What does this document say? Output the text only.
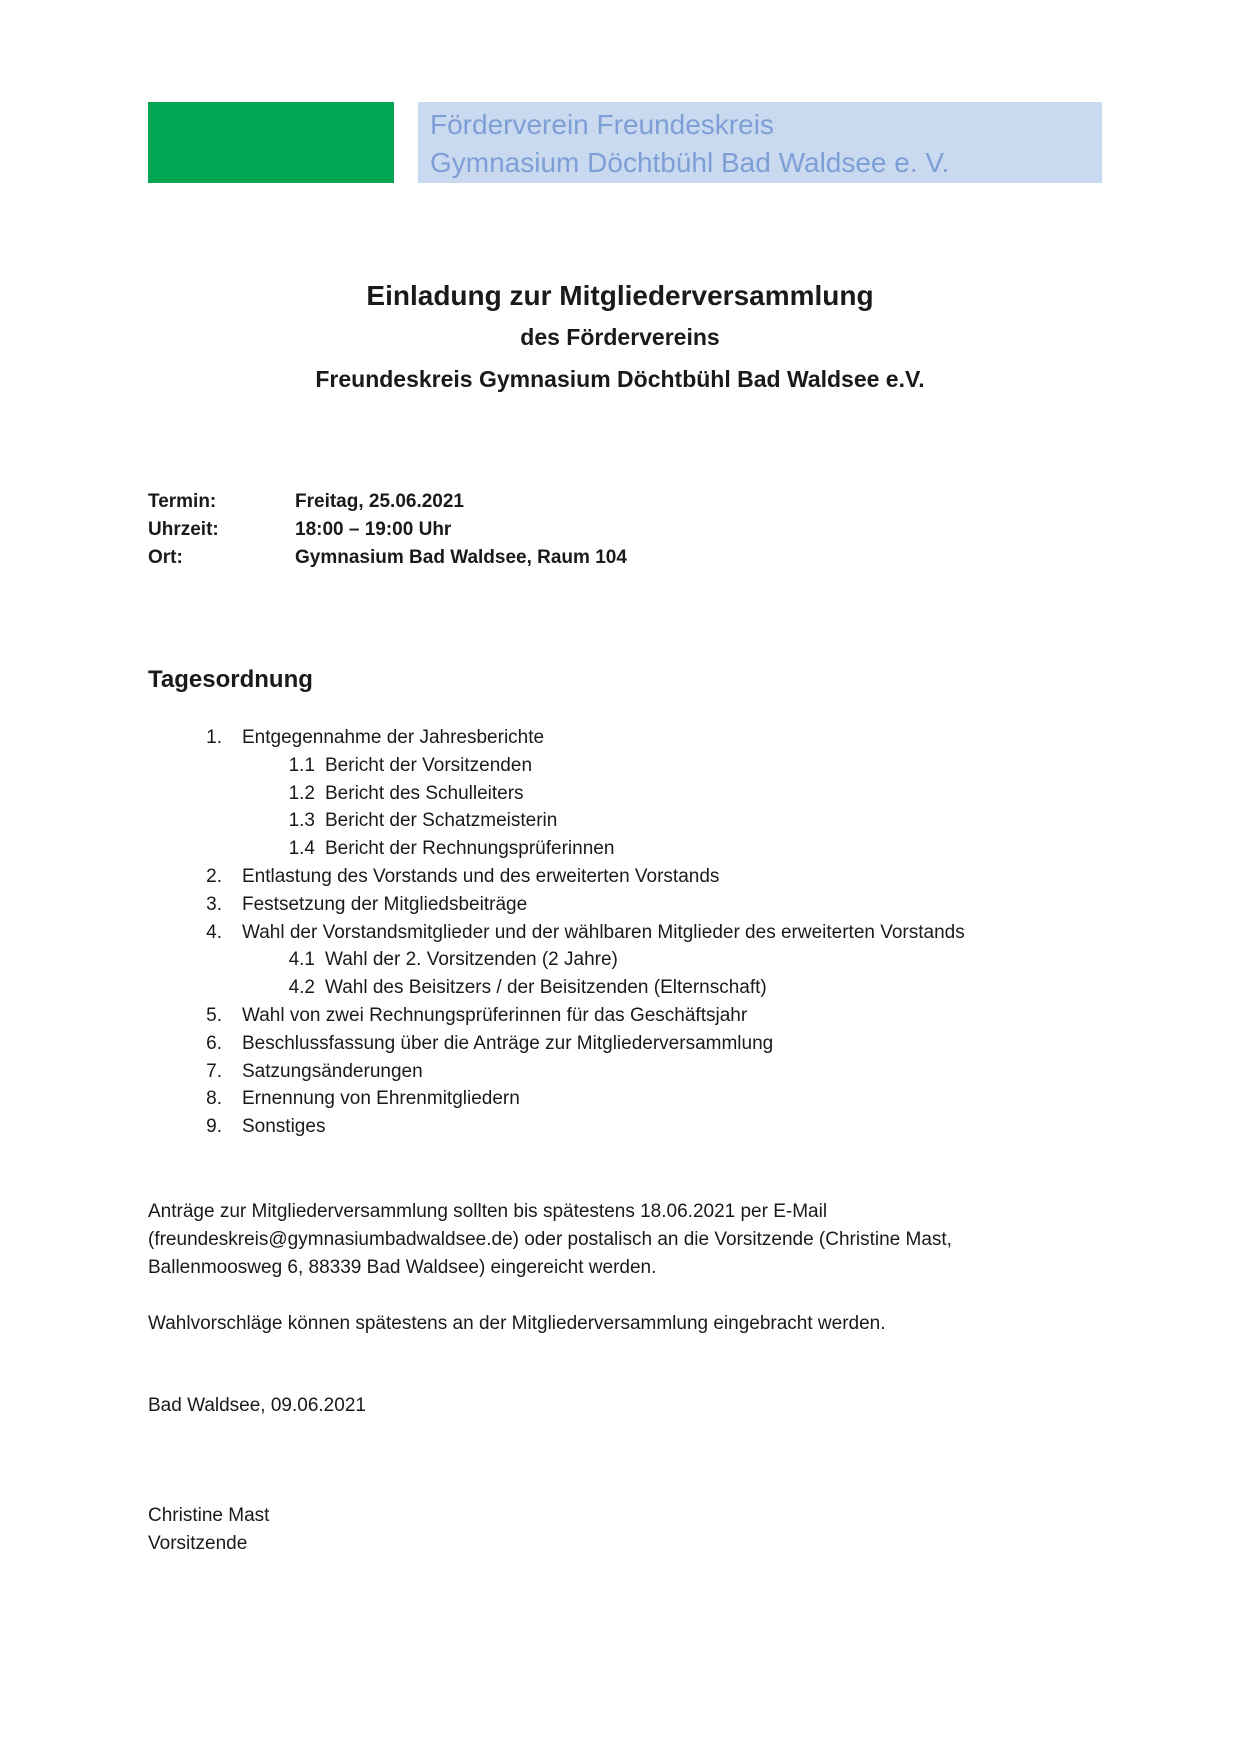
Förderverein Freundeskreis
Gymnasium Döchtbühl Bad Waldsee e. V.
Einladung zur Mitgliederversammlung
des Fördervereins
Freundeskreis Gymnasium Döchtbühl Bad Waldsee e.V.
Termin:	Freitag, 25.06.2021
Uhrzeit:	18:00 – 19:00 Uhr
Ort:	Gymnasium Bad Waldsee, Raum 104
Tagesordnung
1. Entgegennahme der Jahresberichte
1.1 Bericht der Vorsitzenden
1.2 Bericht des Schulleiters
1.3 Bericht der Schatzmeisterin
1.4 Bericht der Rechnungsprüferinnen
2. Entlastung des Vorstands und des erweiterten Vorstands
3. Festsetzung der Mitgliedsbeiträge
4. Wahl der Vorstandsmitglieder und der wählbaren Mitglieder des erweiterten Vorstands
4.1 Wahl der 2. Vorsitzenden (2 Jahre)
4.2 Wahl des Beisitzers / der Beisitzenden (Elternschaft)
5. Wahl von zwei Rechnungsprüferinnen für das Geschäftsjahr
6. Beschlussfassung über die Anträge zur Mitgliederversammlung
7. Satzungsänderungen
8. Ernennung von Ehrenmitgliedern
9. Sonstiges
Anträge zur Mitgliederversammlung sollten bis spätestens 18.06.2021 per E-Mail
(freundeskreis@gymnasiumbadwaldsee.de) oder postalisch an die Vorsitzende (Christine Mast,
Ballenmoosweg 6, 88339 Bad Waldsee) eingereicht werden.
Wahlvorschläge können spätestens an der Mitgliederversammlung eingebracht werden.
Bad Waldsee, 09.06.2021
Christine Mast
Vorsitzende
